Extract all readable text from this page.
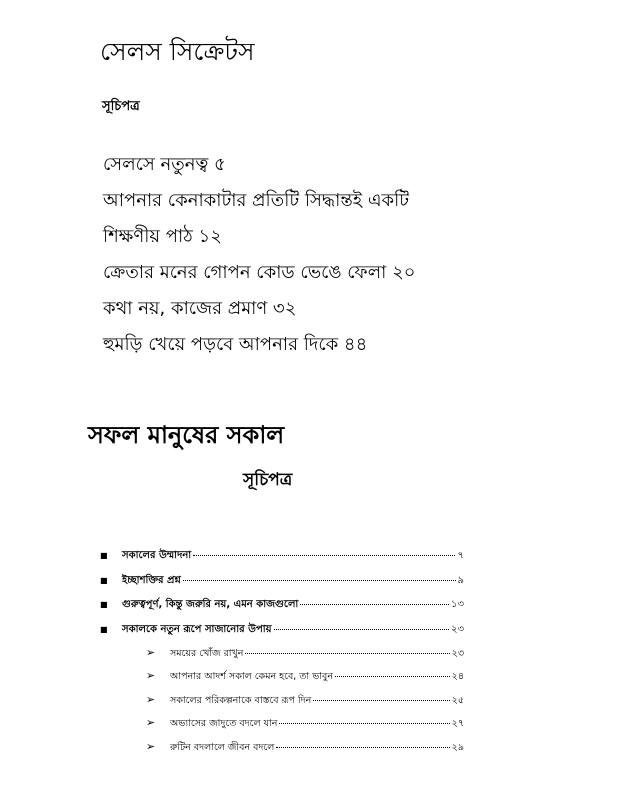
সেলস সিক্রেটস
সূচিপত্র
সেলসে নতুনত্ব ৫
আপনার কেনাকাটার প্রতিটি সিদ্ধান্তই একটি
শিক্ষণীয় পাঠ ১২
ক্রেতার মনের গোপন কোড ভেঙে ফেলা ২০
কথা নয়, কাজের প্রমাণ ৩২
হুমড়ি খেয়ে পড়বে আপনার দিকে ৪৪
সফল মানুষের সকাল
সূচিপত্র
■	সকালের উম্মাদনা	৭
■	ইচ্ছাশক্তির প্রশ্ন	৯
■	গুরুত্বপূর্ণ, কিন্তু জরুরি নয়, এমন কাজগুলো	১৩
■	সকালকে নতুন রূপে সাজানোর উপায়	২৩
➢	সময়ের খোঁজ রাখুন	২৩
➢	আপনার আদর্শ সকাল কেমন হবে, তা ভাবুন	২৪
➢	সকালের পরিকল্পনাকে বাস্তবে রূপ দিন	২৫
➢	অভ্যাসের জাদুতে বদলে যান	২৭
➢	রুটিন বদলালে জীবন বদলে	২৯
